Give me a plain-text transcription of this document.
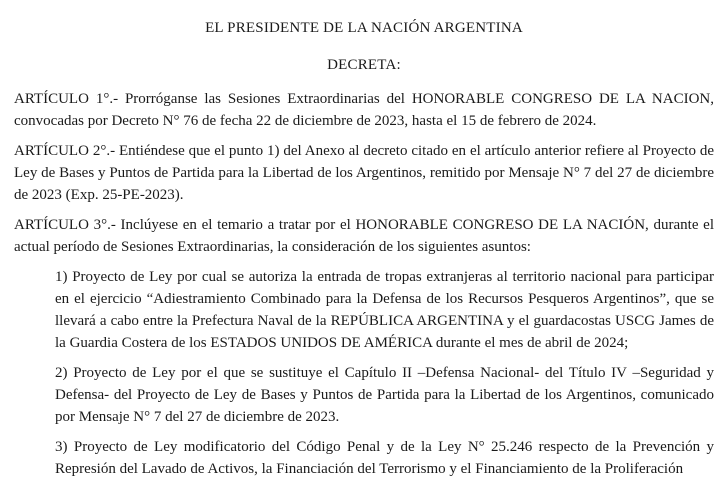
EL PRESIDENTE DE LA NACIÓN ARGENTINA
DECRETA:

ARTÍCULO 1°.- Prorróganse las Sesiones Extraordinarias del HONORABLE CONGRESO DE LA NACION, convocadas por Decreto N° 76 de fecha 22 de diciembre de 2023, hasta el 15 de febrero de 2024.

ARTÍCULO 2°.- Entiéndese que el punto 1) del Anexo al decreto citado en el artículo anterior refiere al Proyecto de Ley de Bases y Puntos de Partida para la Libertad de los Argentinos, remitido por Mensaje N° 7 del 27 de diciembre de 2023 (Exp. 25-PE-2023).

ARTÍCULO 3°.- Inclúyese en el temario a tratar por el HONORABLE CONGRESO DE LA NACIÓN, durante el actual período de Sesiones Extraordinarias, la consideración de los siguientes asuntos:

1) Proyecto de Ley por cual se autoriza la entrada de tropas extranjeras al territorio nacional para participar en el ejercicio “Adiestramiento Combinado para la Defensa de los Recursos Pesqueros Argentinos”, que se llevará a cabo entre la Prefectura Naval de la REPÚBLICA ARGENTINA y el guardacostas USCG James de la Guardia Costera de los ESTADOS UNIDOS DE AMÉRICA durante el mes de abril de 2024;

2) Proyecto de Ley por el que se sustituye el Capítulo II –Defensa Nacional- del Título IV –Seguridad y Defensa- del Proyecto de Ley de Bases y Puntos de Partida para la Libertad de los Argentinos, comunicado por Mensaje N° 7 del 27 de diciembre de 2023.

3) Proyecto de Ley modificatorio del Código Penal y de la Ley N° 25.246 respecto de la Prevención y Represión del Lavado de Activos, la Financiación del Terrorismo y el Financiamiento de la Proliferación
